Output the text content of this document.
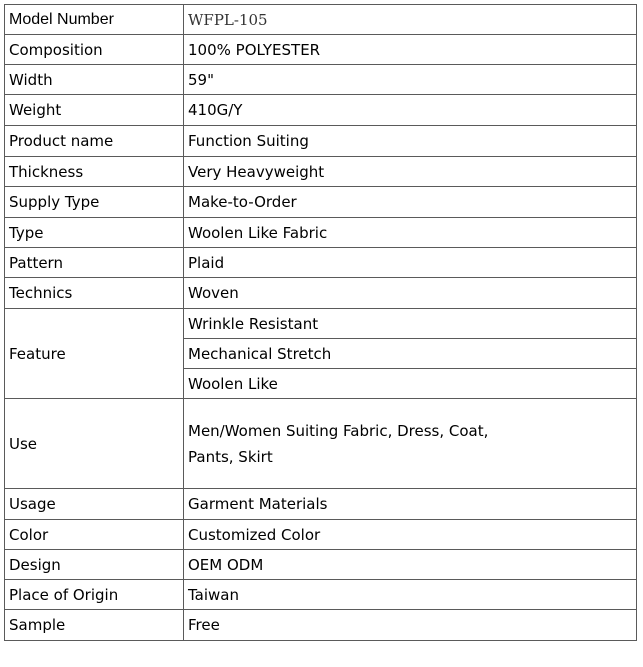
Model Number	WFPL-105
Composition	100% POLYESTER
Width	59"
Weight	410G/Y
Product name	Function Suiting
Thickness	Very Heavyweight
Supply Type	Make-to-Order
Type	Woolen Like Fabric
Pattern	Plaid
Technics	Woven
Feature	Wrinkle Resistant
	Mechanical Stretch
	Woolen Like
Use	Men/Women Suiting Fabric, Dress, Coat,
Pants, Skirt

Usage	Garment Materials
Color	Customized Color
Design	OEM ODM
Place of Origin	Taiwan
Sample	Free
